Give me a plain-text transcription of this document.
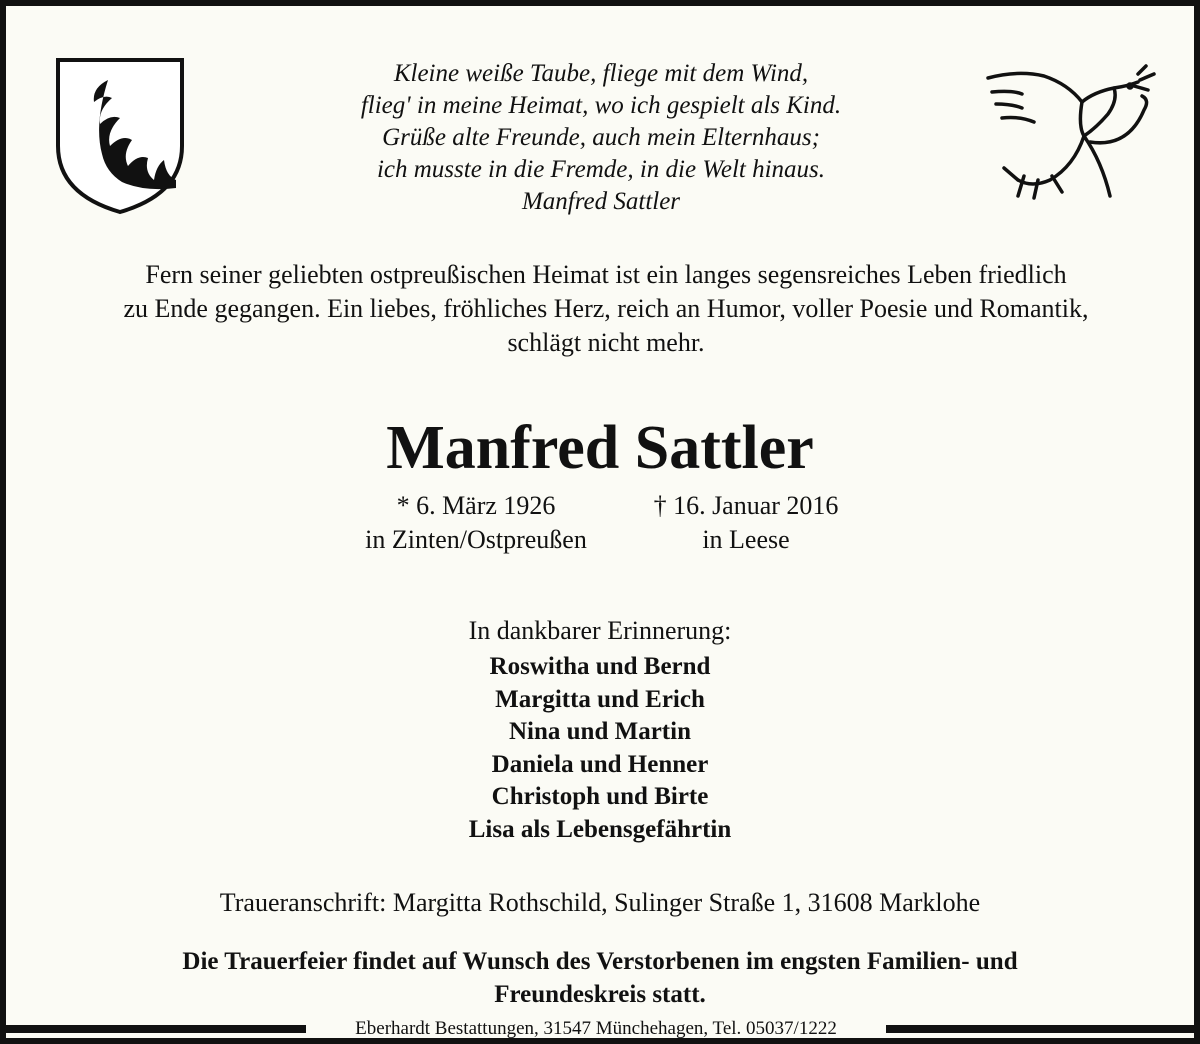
Kleine weiße Taube, fliege mit dem Wind,
flieg' in meine Heimat, wo ich gespielt als Kind.
Grüße alte Freunde, auch mein Elternhaus;
ich musste in die Fremde, in die Welt hinaus.
Manfred Sattler
Fern seiner geliebten ostpreußischen Heimat ist ein langes segensreiches Leben friedlich
zu Ende gegangen. Ein liebes, fröhliches Herz, reich an Humor, voller Poesie und Romantik,
schlägt nicht mehr.
Manfred Sattler
* 6. März 1926
in Zinten/Ostpreußen
† 16. Januar 2016
in Leese
In dankbarer Erinnerung:
Roswitha und Bernd
Margitta und Erich
Nina und Martin
Daniela und Henner
Christoph und Birte
Lisa als Lebensgefährtin
Traueranschrift: Margitta Rothschild, Sulinger Straße 1, 31608 Marklohe
Die Trauerfeier findet auf Wunsch des Verstorbenen im engsten Familien- und
Freundeskreis statt.
Eberhardt Bestattungen, 31547 Münchehagen, Tel. 05037/1222
